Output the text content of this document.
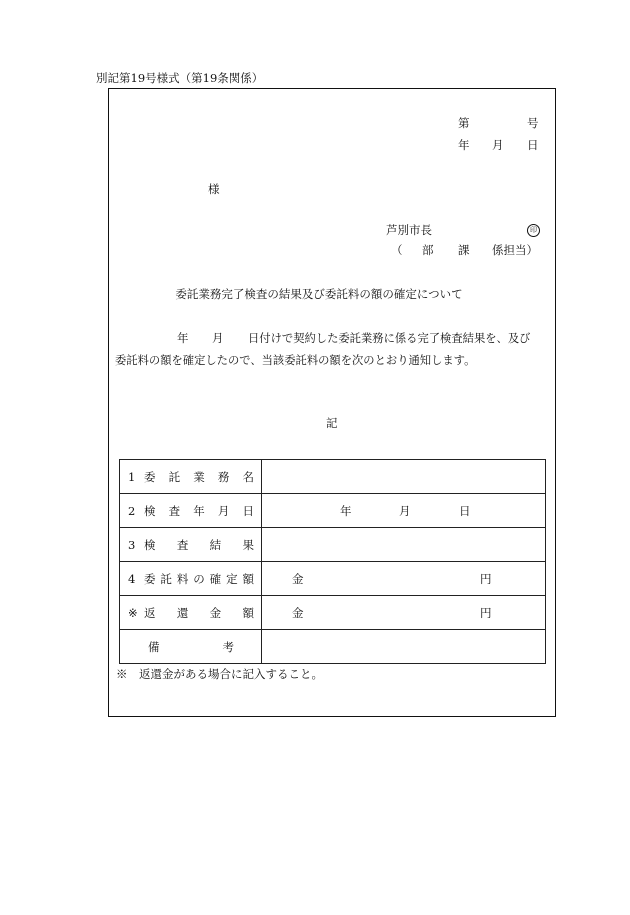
別記第19号様式（第19条関係）
第	号
年 月 日
様
芦別市長	印
（ 部 課 係担当）
委託業務完了検査の結果及び委託料の額の確定について
年 月 日付けで契約した委託業務に係る完了検査結果を、及び
委託料の額を確定したので、当該委託料の額を次のとおり通知します。
記
1 委託業務名	

2 検査年月日	年 月 日

3 検査結果	

4 委託料の確定額	金 円

※ 返還金額	金 円

備考	

※　返還金がある場合に記入すること。
